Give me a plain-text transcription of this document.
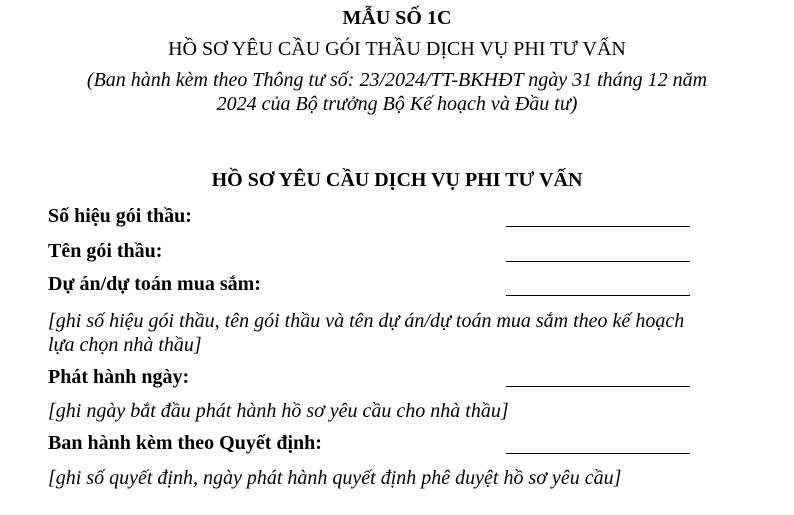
MẪU SỐ 1C
HỒ SƠ YÊU CẦU GÓI THẦU DỊCH VỤ PHI TƯ VẤN
(Ban hành kèm theo Thông tư số: 23/2024/TT-BKHĐT ngày 31 tháng 12 năm
2024 của Bộ trưởng Bộ Kế hoạch và Đầu tư)
HỒ SƠ YÊU CẦU DỊCH VỤ PHI TƯ VẤN
Số hiệu gói thầu:
Tên gói thầu:
Dự án/dự toán mua sắm:
[ghi số hiệu gói thầu, tên gói thầu và tên dự án/dự toán mua sắm theo kế hoạch
lựa chọn nhà thầu]
Phát hành ngày:
[ghi ngày bắt đầu phát hành hồ sơ yêu cầu cho nhà thầu]
Ban hành kèm theo Quyết định:
[ghi số quyết định, ngày phát hành quyết định phê duyệt hồ sơ yêu cầu]
